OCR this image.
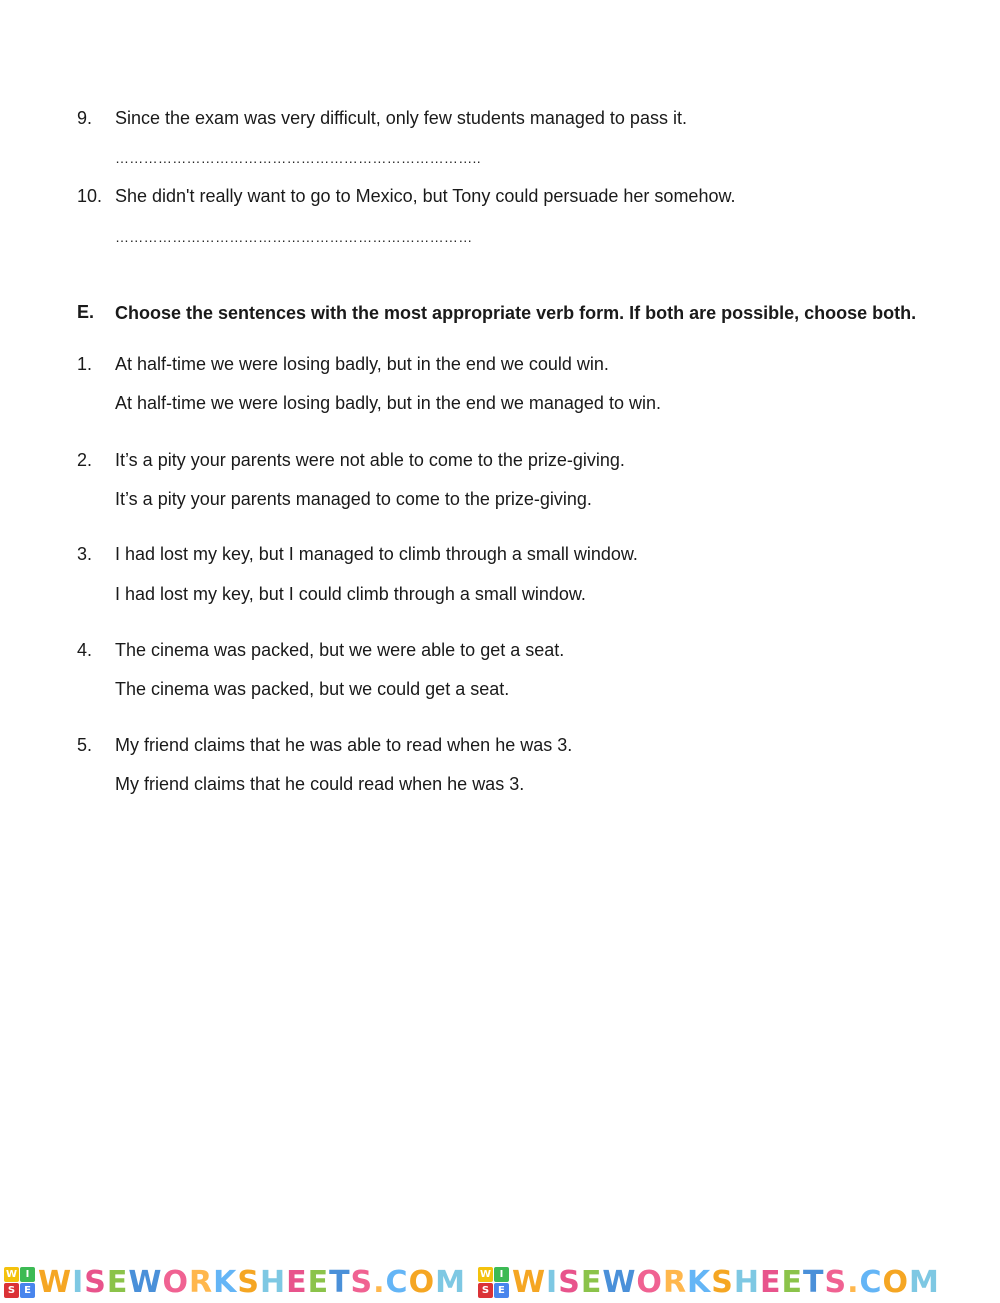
9. Since the exam was very difficult, only few students managed to pass it.
…………………………………………………………………..
10. She didn't really want to go to Mexico, but Tony could persuade her somehow.
…………………………………………………………………
E. Choose the sentences with the most appropriate verb form. If both are possible, choose both.
1. At half-time we were losing badly, but in the end we could win.
At half-time we were losing badly, but in the end we managed to win.
2. It’s a pity your parents were not able to come to the prize-giving.
It’s a pity your parents managed to come to the prize-giving.
3. I had lost my key, but I managed to climb through a small window.
I had lost my key, but I could climb through a small window.
4. The cinema was packed, but we were able to get a seat.
The cinema was packed, but we could get a seat.
5. My friend claims that he was able to read when he was 3.
My friend claims that he could read when he was 3.
W I
S E WISEWORKSHEETS.COM W I
S E WISEWORKSHEETS.COM
